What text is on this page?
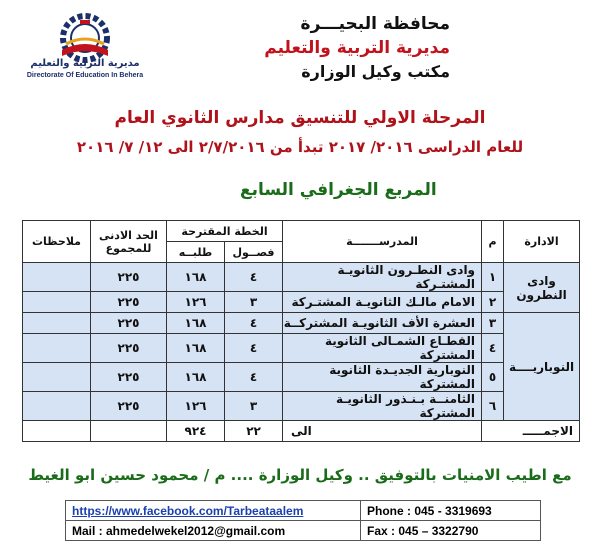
محافظة البحيـــرة
مديرية التربية والتعليم
مكتب وكيل الوزارة
مديرية التربية والتعليم
Directorate Of Education In Behera
المرحلة الاولي للتنسيق مدارس الثانوي العام
للعام الدراسى ٢٠١٦/ ٢٠١٧ تبدأ من ٢/٧/٢٠١٦ الى ١٢/ ٧/ ٢٠١٦
المربع الجغرافي السابع
الادارة	م	المدرســـــــة	الخطة المقترحة		الحد الادنى للمجموع	ملاحظات
			فصــول	طلبــه		
وادى النطرون	١	وادى النطـرون الثانويـة المشتـركة	٤	١٦٨	٢٢٥	
	٢	الامام مالـك الثانويـة المشتـركة	٣	١٢٦	٢٢٥	
النوباريــــة	٣	العشرة الأف الثانويـة المشتركــة	٤	١٦٨	٢٢٥	
	٤	القطـاع الشمـالى الثانوية المشتركة	٤	١٦٨	٢٢٥	
	٥	النوبارية الجديـدة الثانوية المشتركة	٤	١٦٨	٢٢٥	
	٦	الثامنــة بـنـذور الثانويـة المشتركة	٣	١٢٦	٢٢٥	
الاجمـــــ		الى	٢٢	٩٢٤		
مع اطيب الامنيات بالتوفيق .. وكيل الوزارة .... م / محمود حسين ابو الغيط
https://www.facebook.com/Tarbeataalem	Phone : 045 - 3319693
Mail : ahmedelwekel2012@gmail.com	Fax : 045 – 3322790
